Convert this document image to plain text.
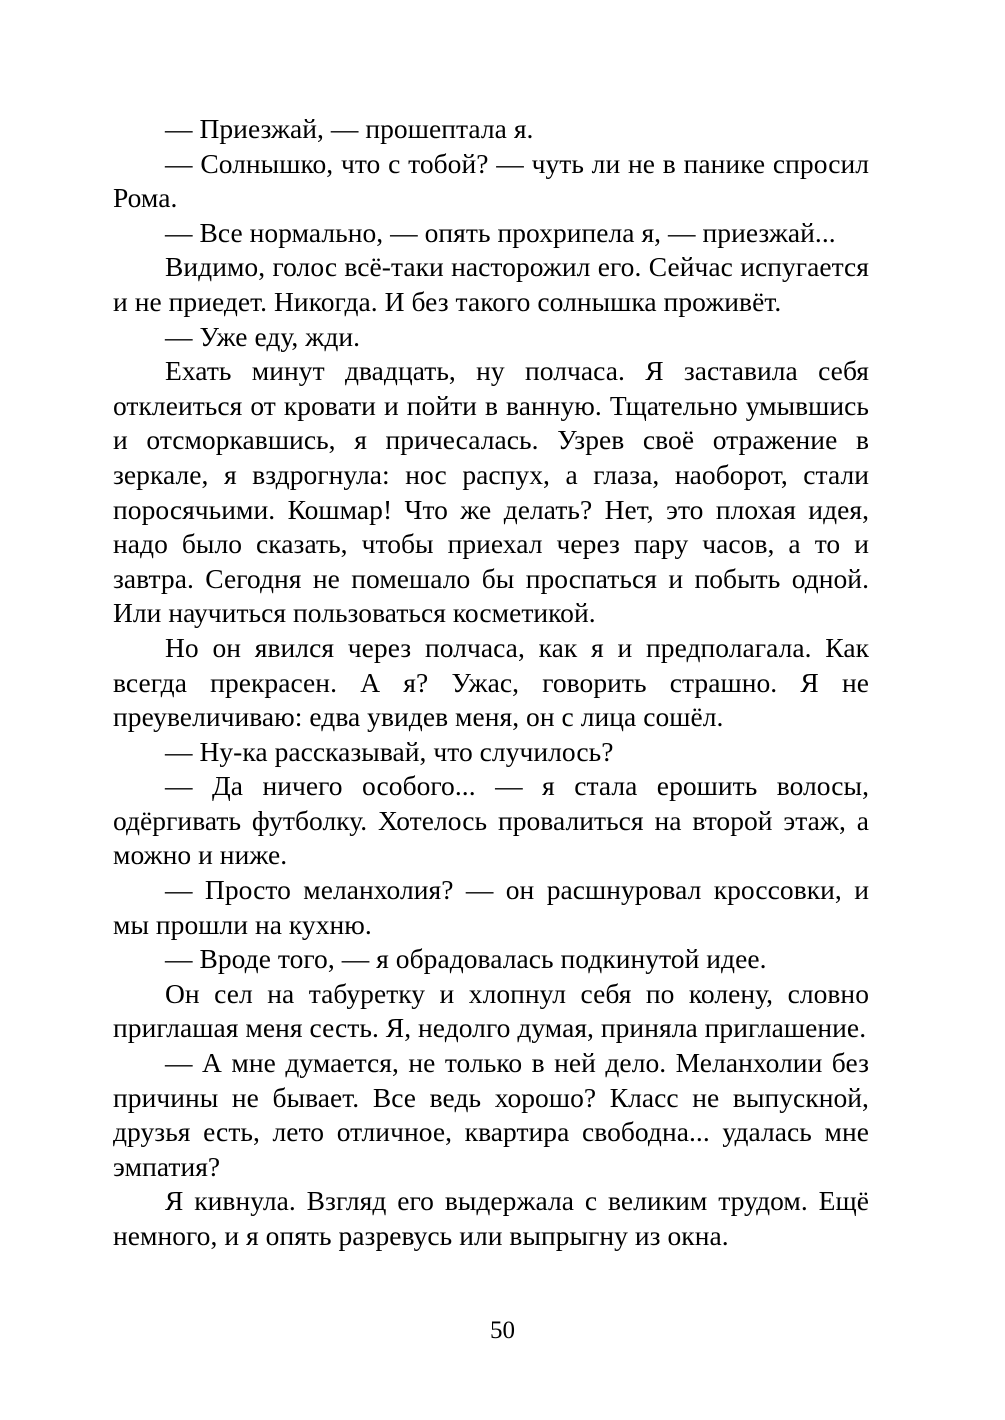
— Приезжай, — прошептала я.

— Солнышко, что с тобой? — чуть ли не в панике спросил Рома.

— Все нормально, — опять прохрипела я, — приезжай...

Видимо, голос всё-таки насторожил его. Сейчас испугается и не приедет. Никогда. И без такого солнышка проживёт.

— Уже еду, жди.

Ехать минут двадцать, ну полчаса. Я заставила себя отклеиться от кровати и пойти в ванную. Тщательно умывшись и отсморкавшись, я причесалась. Узрев своё отражение в зеркале, я вздрогнула: нос распух, а глаза, наоборот, стали поросячьими. Кошмар! Что же делать? Нет, это плохая идея, надо было сказать, чтобы приехал через пару часов, а то и завтра. Сегодня не помешало бы проспаться и побыть одной. Или научиться пользоваться косметикой.

Но он явился через полчаса, как я и предполагала. Как всегда прекрасен. А я? Ужас, говорить страшно. Я не преувеличиваю: едва увидев меня, он с лица сошёл.

— Ну-ка рассказывай, что случилось?

— Да ничего особого... — я стала ерошить волосы, одёргивать футболку. Хотелось провалиться на второй этаж, а можно и ниже.

— Просто меланхолия? — он расшнуровал кроссовки, и мы прошли на кухню.

— Вроде того, — я обрадовалась подкинутой идее.

Он сел на табуретку и хлопнул себя по колену, словно приглашая меня сесть. Я, недолго думая, приняла приглашение.

— А мне думается, не только в ней дело. Меланхолии без причины не бывает. Все ведь хорошо? Класс не выпускной, друзья есть, лето отличное, квартира свободна... удалась мне эмпатия?

Я кивнула. Взгляд его выдержала с великим трудом. Ещё немного, и я опять разревусь или выпрыгну из окна.

50
